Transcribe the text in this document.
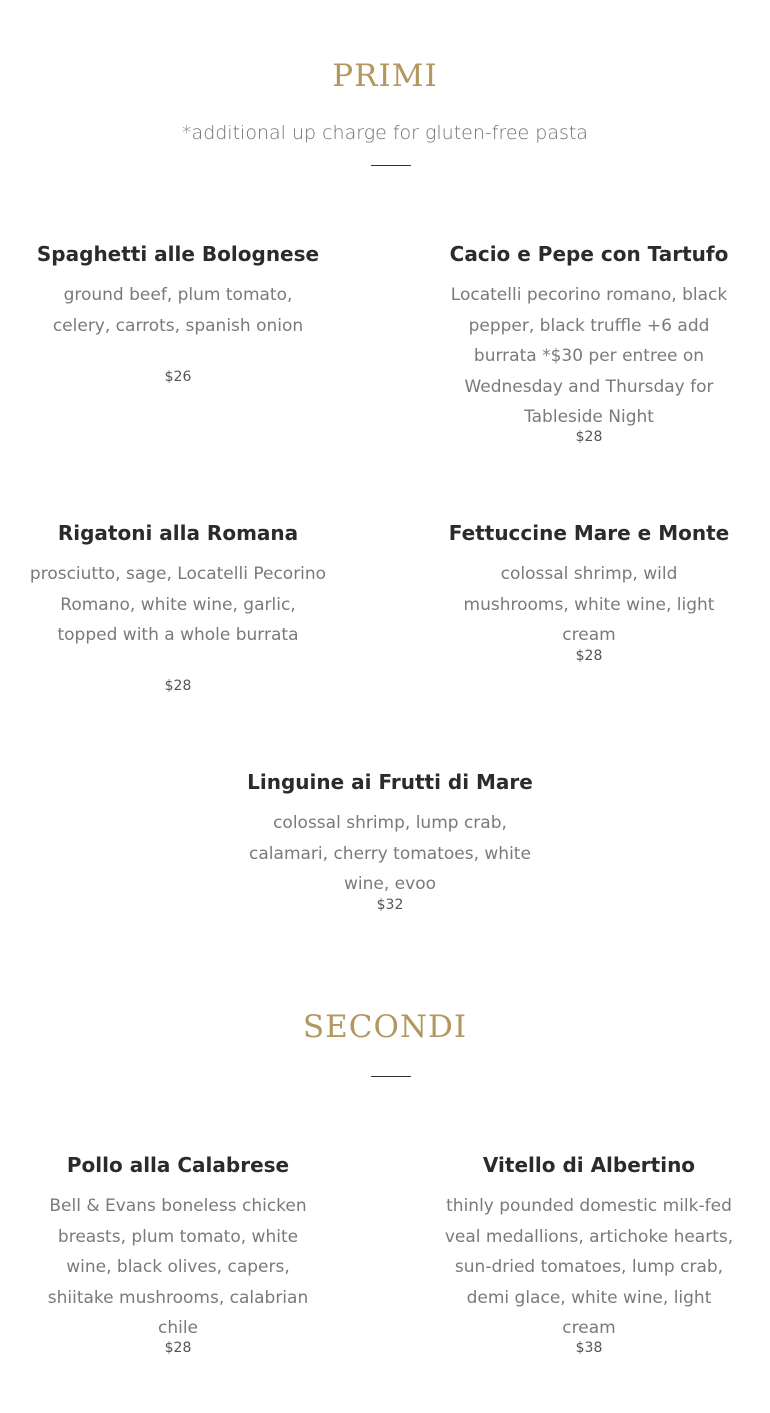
PRIMI

*additional up charge for gluten-free pasta

Spaghetti alle Bolognese

ground beef, plum tomato, celery, carrots, spanish onion

$26

Cacio e Pepe con Tartufo

Locatelli pecorino romano, black pepper, black truffle +6 add burrata *$30 per entree on Wednesday and Thursday for Tableside Night

$28

Rigatoni alla Romana

prosciutto, sage, Locatelli Pecorino Romano, white wine, garlic, topped with a whole burrata

$28

Fettuccine Mare e Monte

colossal shrimp, wild mushrooms, white wine, light cream

$28

Linguine ai Frutti di Mare

colossal shrimp, lump crab, calamari, cherry tomatoes, white wine, evoo

$32

SECONDI
Pollo alla Calabrese

Bell & Evans boneless chicken breasts, plum tomato, white wine, black olives, capers, shiitake mushrooms, calabrian chile

$28

Vitello di Albertino

thinly pounded domestic milk-fed veal medallions, artichoke hearts, sun-dried tomatoes, lump crab, demi glace, white wine, light cream

$38
